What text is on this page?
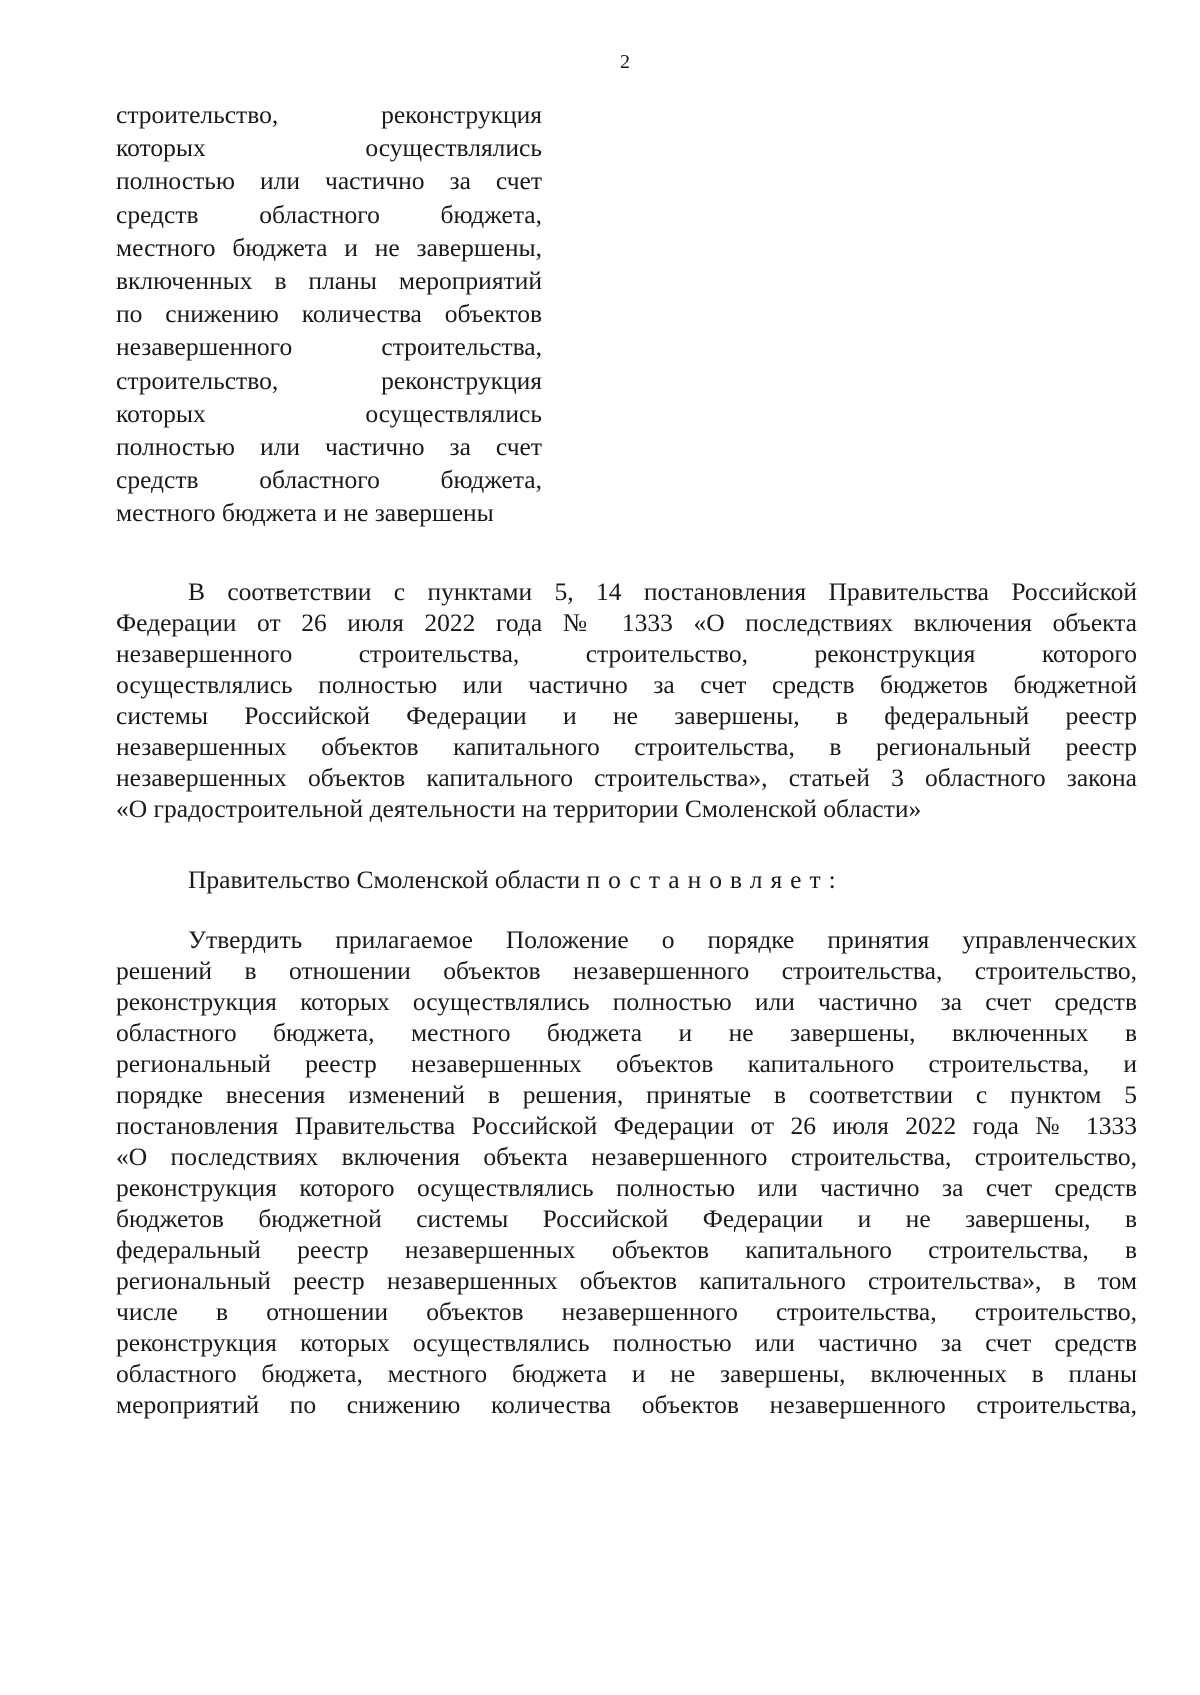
2
строительство, реконструкция
которых осуществлялись
полностью или частично за счет
средств областного бюджета,
местного бюджета и не завершены,
включенных в планы мероприятий
по снижению количества объектов
незавершенного строительства,
строительство, реконструкция
которых осуществлялись
полностью или частично за счет
средств областного бюджета,
местного бюджета и не завершены
В соответствии с пунктами 5, 14 постановления Правительства Российской
Федерации от 26 июля 2022 года № 1333 «О последствиях включения объекта
незавершенного строительства, строительство, реконструкция которого
осуществлялись полностью или частично за счет средств бюджетов бюджетной
системы Российской Федерации и не завершены, в федеральный реестр
незавершенных объектов капитального строительства, в региональный реестр
незавершенных объектов капитального строительства», статьей 3 областного закона
«О градостроительной деятельности на территории Смоленской области»
Правительство Смоленской области постановляет:
Утвердить прилагаемое Положение о порядке принятия управленческих
решений в отношении объектов незавершенного строительства, строительство,
реконструкция которых осуществлялись полностью или частично за счет средств
областного бюджета, местного бюджета и не завершены, включенных в
региональный реестр незавершенных объектов капитального строительства, и
порядке внесения изменений в решения, принятые в соответствии с пунктом 5
постановления Правительства Российской Федерации от 26 июля 2022 года № 1333
«О последствиях включения объекта незавершенного строительства, строительство,
реконструкция которого осуществлялись полностью или частично за счет средств
бюджетов бюджетной системы Российской Федерации и не завершены, в
федеральный реестр незавершенных объектов капитального строительства, в
региональный реестр незавершенных объектов капитального строительства», в том
числе в отношении объектов незавершенного строительства, строительство,
реконструкция которых осуществлялись полностью или частично за счет средств
областного бюджета, местного бюджета и не завершены, включенных в планы
мероприятий по снижению количества объектов незавершенного строительства,
